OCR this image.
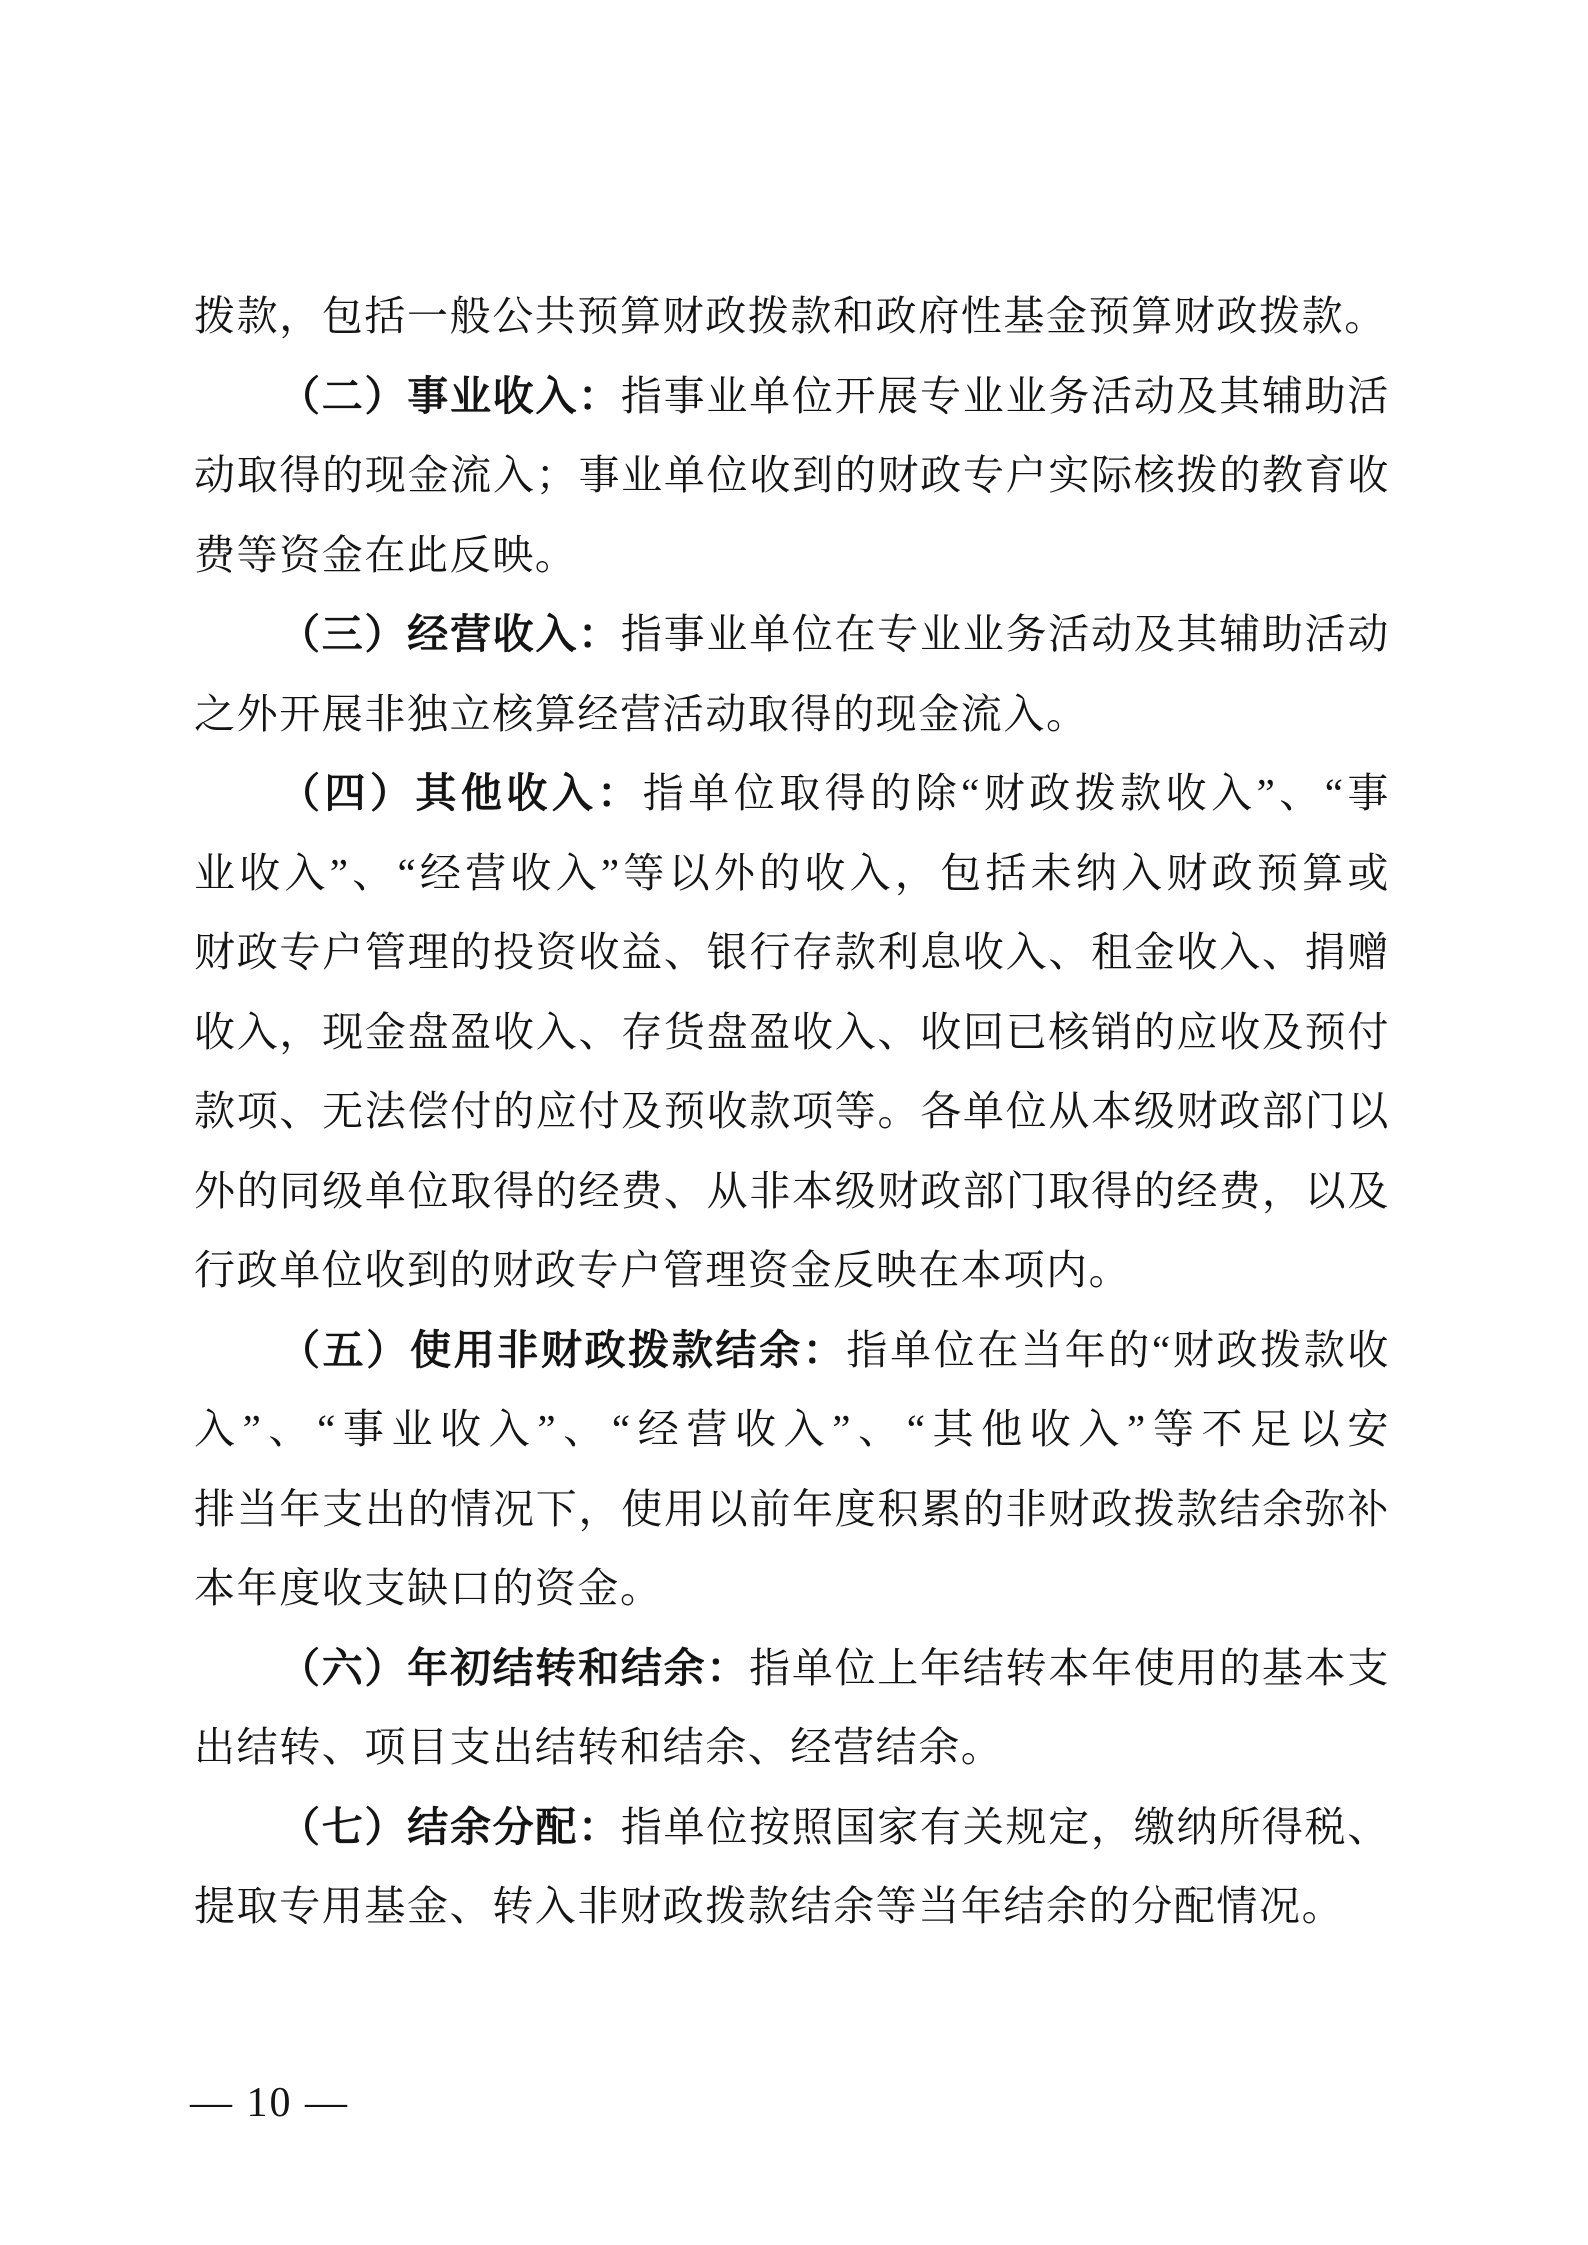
拨款，包括一般公共预算财政拨款和政府性基金预算财政拨款。
（二）事业收入：指事业单位开展专业业务活动及其辅助活
动取得的现金流入；事业单位收到的财政专户实际核拨的教育收
费等资金在此反映。
（三）经营收入：指事业单位在专业业务活动及其辅助活动
之外开展非独立核算经营活动取得的现金流入。
（四）其他收入：指单位取得的除“财政拨款收入”、“事
业收入”、“经营收入”等以外的收入，包括未纳入财政预算或
财政专户管理的投资收益、银行存款利息收入、租金收入、捐赠
收入，现金盘盈收入、存货盘盈收入、收回已核销的应收及预付
款项、无法偿付的应付及预收款项等。各单位从本级财政部门以
外的同级单位取得的经费、从非本级财政部门取得的经费，以及
行政单位收到的财政专户管理资金反映在本项内。
（五）使用非财政拨款结余：指单位在当年的“财政拨款收
入”、“事业收入”、“经营收入”、“其他收入”等不足以安
排当年支出的情况下，使用以前年度积累的非财政拨款结余弥补
本年度收支缺口的资金。
（六）年初结转和结余：指单位上年结转本年使用的基本支
出结转、项目支出结转和结余、经营结余。
（七）结余分配：指单位按照国家有关规定，缴纳所得税、
提取专用基金、转入非财政拨款结余等当年结余的分配情况。
— 10 —
